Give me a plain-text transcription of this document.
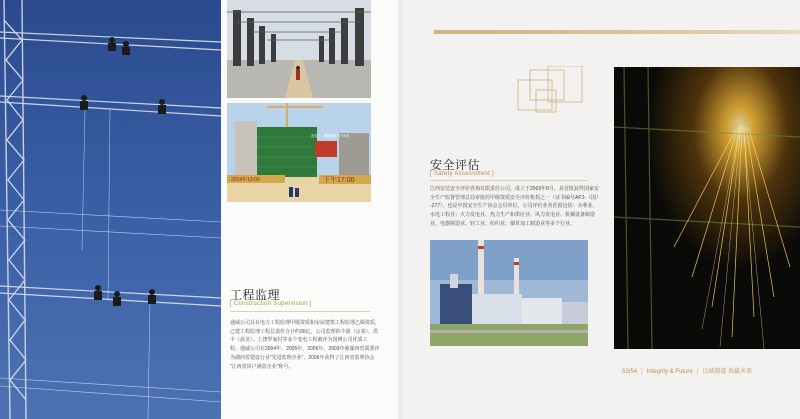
2014年13:00	下午17:00
首先上，柳柯精雕引力冲向
工程监理
[ Construction Supervision ]

通威公司具有电力工程监理甲级资质和房屋建筑工程监理乙级资质，

已建工程监理工程总造价合计约30亿。公司监理的丰源（京泰）、洪

丰（晨龙）、上饶罗家村等多个变电工程被评为国网公司优质工

程。通威公司在2004年、2005年、2006年、2009年被湖西省质委评

为湖西省建设行业“先进监理企业”，2006年获得了江西省监理协会

“江西省同户满意企业”称号。

安全评估
[ Safety Assessment ]

江西安达安全评价咨询有限责任公司，成立于2003年8月，是首批获得国家安

全生产监督管理总局审批的甲级资质安全评价机构之一（证书编号APJ-（国）

-277），也是中国安全生产协会会员单位。公司评价业务范围包括：水利业、

水电工程业；火力发电业、热力生产和供应业、风力发电业、机械设备制造

业、电器制造业、轻工业、纺织业、烟草加工制造业等多个行业。

53/54 | Integrity & Future | 以诚毅道 共赢未来
